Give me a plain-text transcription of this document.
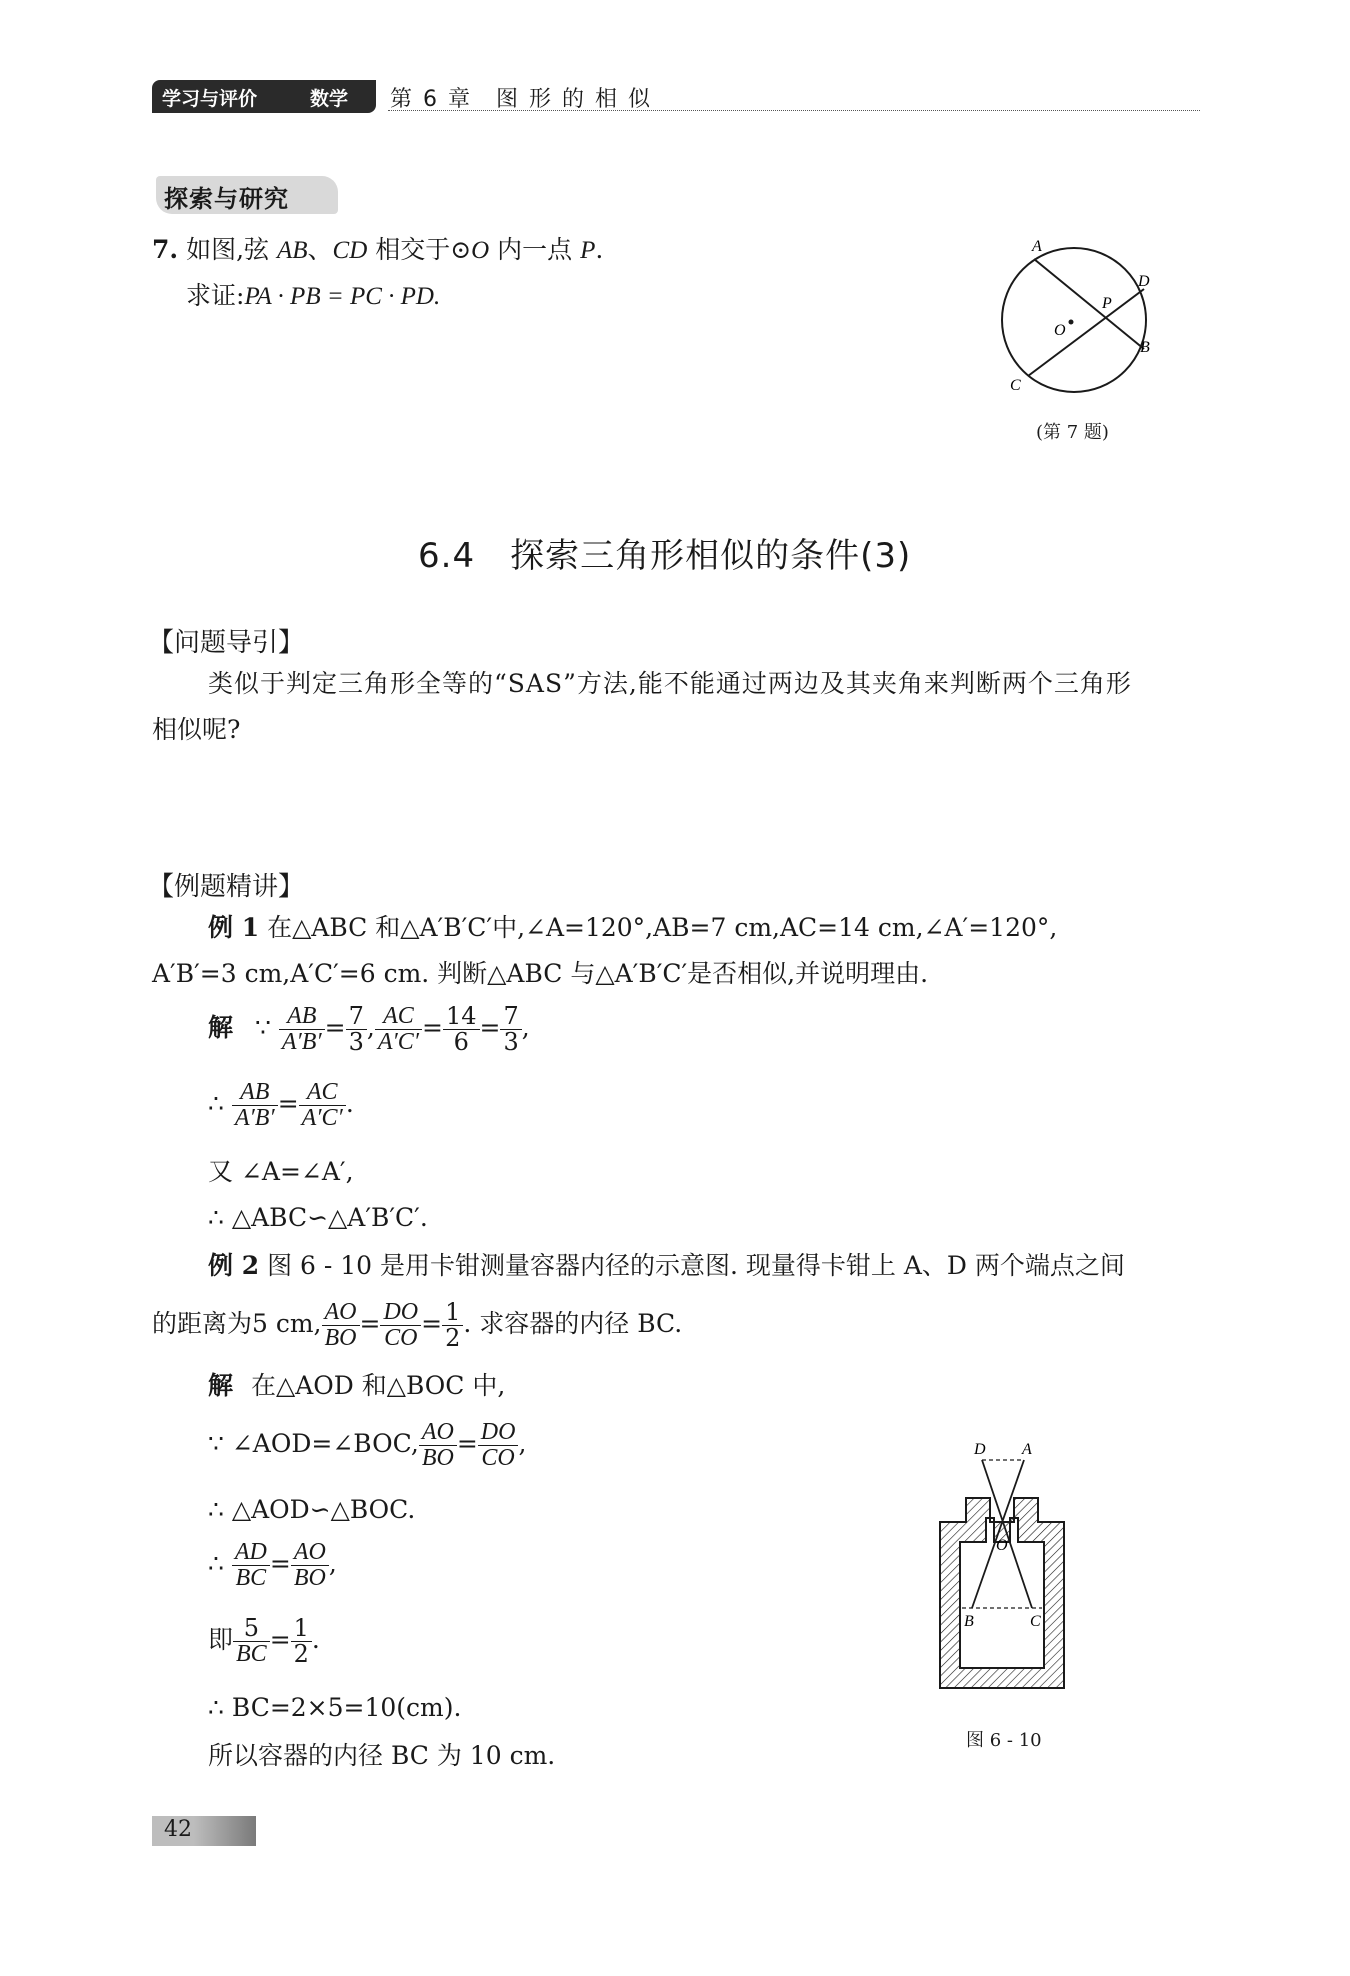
学习与评价	数学 第 6 章　图 形 的 相 似
探索与研究
7. 如图,弦 AB、CD 相交于⊙O 内一点 P.
求证:PA · PB = PC · PD.
A
D
P
O
B
C
(第 7 题)
6.4　探索三角形相似的条件(3)
【问题导引】
类似于判定三角形全等的“SAS”方法,能不能通过两边及其夹角来判断两个三角形
相似呢?
【例题精讲】
例 1 在△ABC 和△A′B′C′中,∠A=120°,AB=7 cm,AC=14 cm,∠A′=120°,
A′B′=3 cm,A′C′=6 cm. 判断△ABC 与△A′B′C′是否相似,并说明理由.
解 ∵ $\frac{AB}{A'B'} = \frac{7}{3}$ , $\frac{AC}{A'C'} = \frac{14}{6} = \frac{7}{3}$ ,
∴ $\frac{AB}{A'B'} = \frac{AC}{A'C'}$ .
又 ∠A=∠A′,
∴ △ABC∽△A′B′C′.
例 2 图 6 - 10 是用卡钳测量容器内径的示意图. 现量得卡钳上 A、D 两个端点之间
的距离为5 cm, $\frac{AO}{BO} = \frac{DO}{CO} = \frac{1}{2}$ . 求容器的内径 BC.
解 在△AOD 和△BOC 中,
∵ ∠AOD=∠BOC, $\frac{AO}{BO} = \frac{DO}{CO}$ ,
∴ △AOD∽△BOC.
∴ $\frac{AD}{BC} = \frac{AO}{BO}$ ,
即 $\frac{5}{BC} = \frac{1}{2}$ .
∴ BC=2×5=10(cm).
所以容器的内径 BC 为 10 cm.
D A
O
B	C
图 6 - 10
42
